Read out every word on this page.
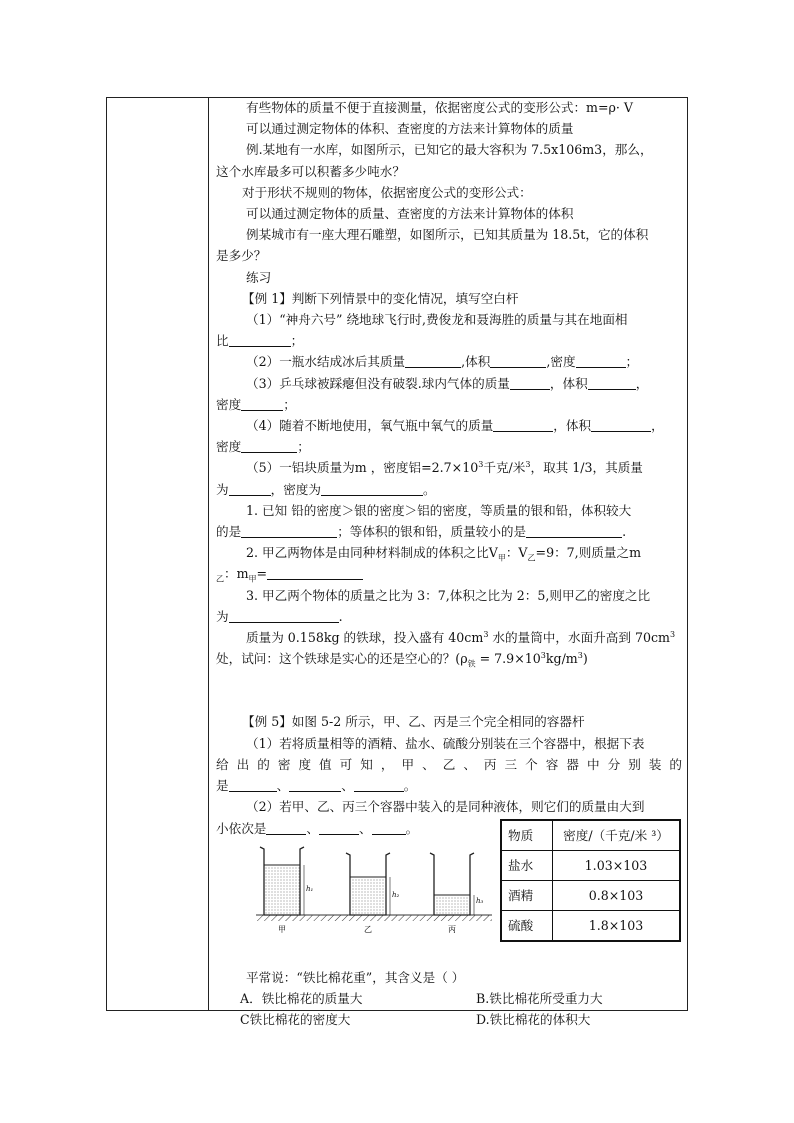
有些物体的质量不便于直接测量，依据密度公式的变形公式：m=ρ· V

可以通过测定物体的体积、查密度的方法来计算物体的质量

例.某地有一水库，如图所示，已知它的最大容积为 7.5x106m3，那么，

这个水库最多可以积蓄多少吨水？

对于形状不规则的物体，依据密度公式的变形公式：

可以通过测定物体的质量、查密度的方法来计算物体的体积

例某城市有一座大理石雕塑，如图所示，已知其质量为 18.5t，它的体积

是多少？

练习

【例 1】判断下列情景中的变化情况，填写空白杆

（1）“神舟六号” 绕地球飞行时,费俊龙和聂海胜的质量与其在地面相

比	；

（2）一瓶水结成冰后其质量	,体积	,密度	；

（3）乒乓球被踩瘪但没有破裂.球内气体的质量	，体积	，

密度	；

（4）随着不断地使用，氧气瓶中氧气的质量	，体积	，

密度	；

（5）一铝块质量为m ，密度铝$=2.7\times 10^3$千克/米$^3$，取其 1/3，其质量

为	，密度为	。

1. 已知 铅的密度＞银的密度＞铝的密度，等质量的银和铅，体积较大

的是	；等体积的银和铅，质量较小的是	.

2. 甲乙两物体是由同种材料制成的体积之比$V_甲$：$V_乙=9$：7,则质量之m

$_乙$：$m_甲=$

3. 甲乙两个物体的质量之比为 3：7,体积之比为 2：5,则甲乙的密度之比

为	.

质量为 0.158kg 的铁球，投入盛有 $40cm^3$ 水的量筒中，水面升高到 $70cm^3$

处，试问：这个铁球是实心的还是空心的？$(\rho_铁 = 7.9\times 10^3kg/m^3)$

【例 5】如图 5-2 所示，甲、乙、丙是三个完全相同的容器杆

（1）若将质量相等的酒精、盐水、硫酸分别装在三个容器中，根据下表

给出的密度值可知，甲、乙、丙三个容器中分别装的

是	、	、	。

（2）若甲、乙、丙三个容器中装入的是同种液体，则它们的质量由大到

小依次是	、	、	。

h₁
h₂
h₃
甲	乙	丙
物质	密度/（千克/米 ³）
盐水	1.03×103
酒精	0.8×103
硫酸	1.8×103

平常说：“铁比棉花重”，其含义是（ ）

A．铁比棉花的质量大	B.铁比棉花所受重力大
C铁比棉花的密度大	D.铁比棉花的体积大
